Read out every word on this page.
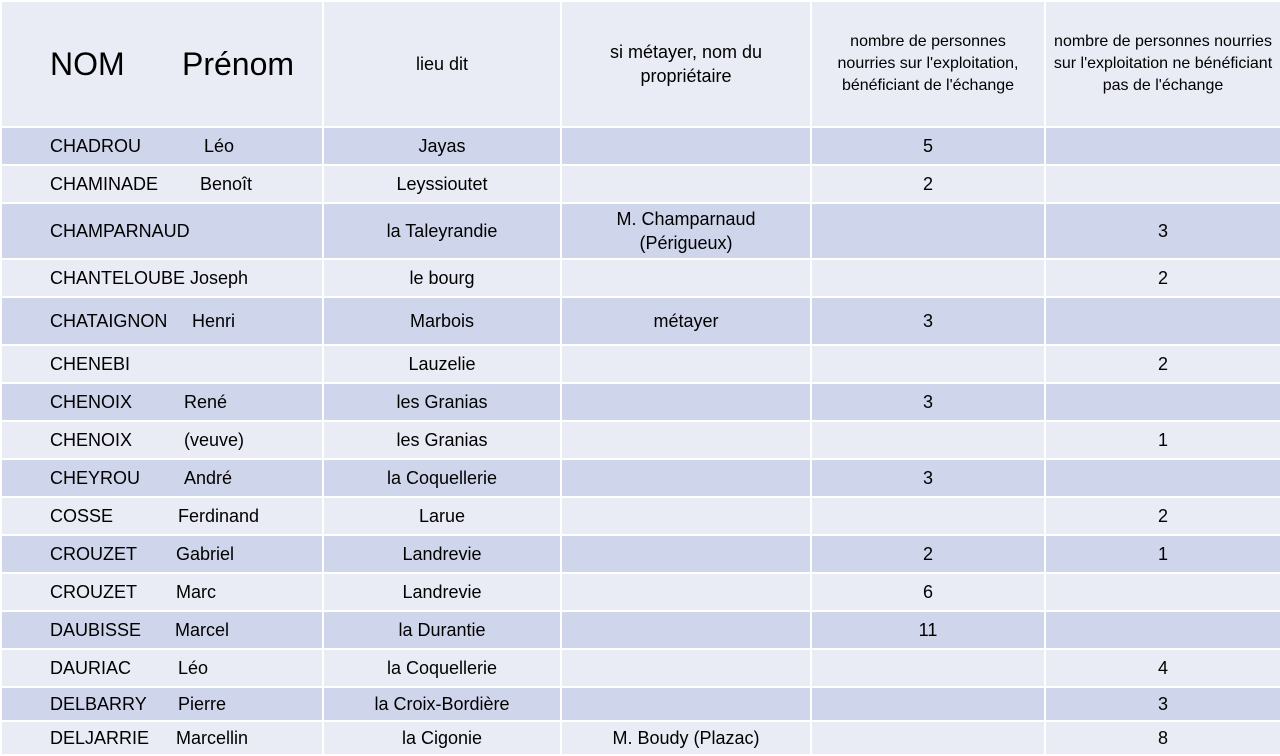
NOM Prénom	lieu dit	si métayer, nom du propriétaire	nombre de personnes nourries sur l'exploitation, bénéficiant de l'échange	nombre de personnes nourries sur l'exploitation ne bénéficiant pas de l'échange

CHADROU Léo	Jayas		5	

CHAMINADE Benoît	Leyssioutet		2	

CHAMPARNAUD	la Taleyrandie	M. Champarnaud (Périgueux)		3

CHANTELOUBE Joseph	le bourg			2

CHATAIGNON Henri	Marbois	métayer	3	

CHENEBI	Lauzelie			2

CHENOIX René	les Granias		3	

CHENOIX (veuve)	les Granias			1

CHEYROU André	la Coquellerie		3	

COSSE Ferdinand	Larue			2

CROUZET Gabriel	Landrevie		2	1

CROUZET Marc	Landrevie		6	

DAUBISSE Marcel	la Durantie		11	

DAURIAC Léo	la Coquellerie			4

DELBARRY Pierre	la Croix-Bordière			3

DELJARRIE Marcellin	la Cigonie	M. Boudy (Plazac)		8
